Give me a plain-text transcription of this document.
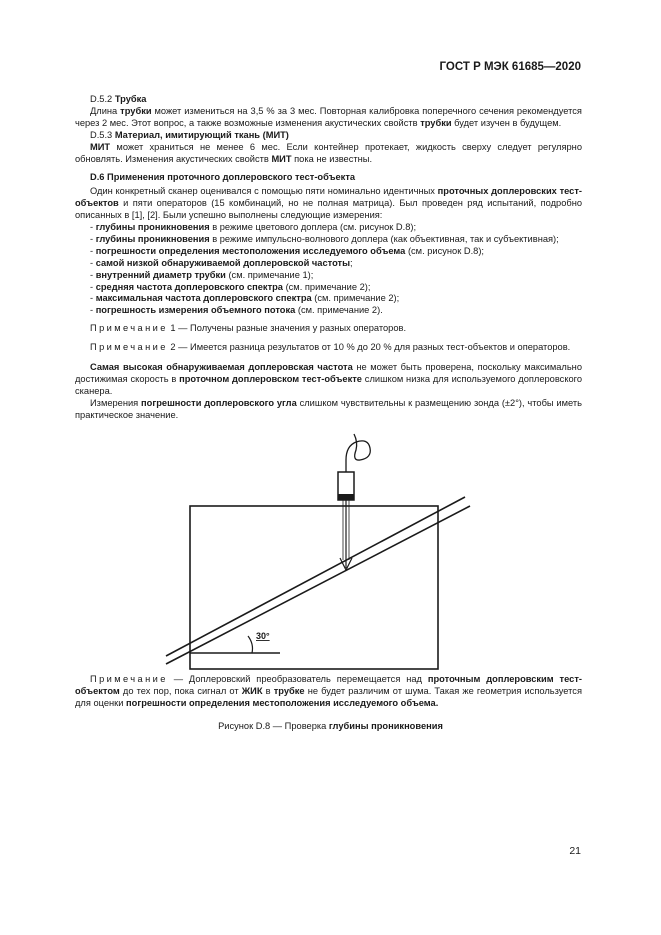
ГОСТ Р МЭК 61685—2020
D.5.2 Трубка
Длина трубки может измениться на 3,5 % за 3 мес. Повторная калибровка поперечного сечения рекомендуется через 2 мес. Этот вопрос, а также возможные изменения акустических свойств трубки будет изучен в будущем.
D.5.3 Материал, имитирующий ткань (МИТ)
МИТ может храниться не менее 6 мес. Если контейнер протекает, жидкость сверху следует регулярно обновлять. Изменения акустических свойств МИТ пока не известны.
D.6 Применения проточного доплеровского тест-объекта
Один конкретный сканер оценивался с помощью пяти номинально идентичных проточных доплеровских тест-объектов и пяти операторов (15 комбинаций, но не полная матрица). Был проведен ряд испытаний, подробно описанных в [1], [2]. Были успешно выполнены следующие измерения:
- глубины проникновения в режиме цветового доплера (см. рисунок D.8);
- глубины проникновения в режиме импульсно-волнового доплера (как объективная, так и субъективная);
- погрешности определения местоположения исследуемого объема (см. рисунок D.8);
- самой низкой обнаруживаемой доплеровской частоты;
- внутренний диаметр трубки (см. примечание 1);
- средняя частота доплеровского спектра (см. примечание 2);
- максимальная частота доплеровского спектра (см. примечание 2);
- погрешность измерения объемного потока (см. примечание 2).
Примечание 1 — Получены разные значения у разных операторов.
Примечание 2 — Имеется разница результатов от 10 % до 20 % для разных тест-объектов и операторов.
Самая высокая обнаруживаемая доплеровская частота не может быть проверена, поскольку максимально достижимая скорость в проточном доплеровском тест-объекте слишком низка для используемого доплеровского сканера.
Измерения погрешности доплеровского угла слишком чувствительны к размещению зонда (±2°), чтобы иметь практическое значение.
30°
Примечание — Доплеровский преобразователь перемещается над проточным доплеровским тест-объектом до тех пор, пока сигнал от ЖИК в трубке не будет различим от шума. Такая же геометрия используется для оценки погрешности определения местоположения исследуемого объема.
Рисунок D.8 — Проверка глубины проникновения
21
